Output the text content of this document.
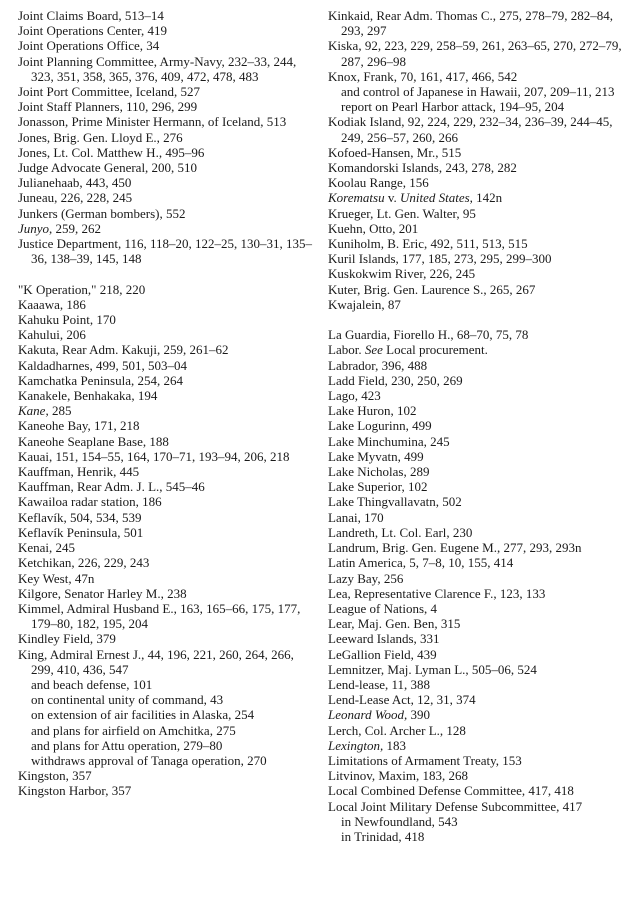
Joint Claims Board, 513–14
Joint Operations Center, 419
Joint Operations Office, 34
Joint Planning Committee, Army-Navy, 232–33, 244, 323, 351, 358, 365, 376, 409, 472, 478, 483
Joint Port Committee, Iceland, 527
Joint Staff Planners, 110, 296, 299
Jonasson, Prime Minister Hermann, of Iceland, 513
Jones, Brig. Gen. Lloyd E., 276
Jones, Lt. Col. Matthew H., 495–96
Judge Advocate General, 200, 510
Julianehaab, 443, 450
Juneau, 226, 228, 245
Junkers (German bombers), 552
Junyo, 259, 262
Justice Department, 116, 118–20, 122–25, 130–31, 135–36, 138–39, 145, 148
"K Operation," 218, 220
Kaaawa, 186
Kahuku Point, 170
Kahului, 206
Kakuta, Rear Adm. Kakuji, 259, 261–62
Kaldadharnes, 499, 501, 503–04
Kamchatka Peninsula, 254, 264
Kanakele, Benhakaka, 194
Kane, 285
Kaneohe Bay, 171, 218
Kaneohe Seaplane Base, 188
Kauai, 151, 154–55, 164, 170–71, 193–94, 206, 218
Kauffman, Henrik, 445
Kauffman, Rear Adm. J. L., 545–46
Kawailoa radar station, 186
Keflavík, 504, 534, 539
Keflavík Peninsula, 501
Kenai, 245
Ketchikan, 226, 229, 243
Key West, 47n
Kilgore, Senator Harley M., 238
Kimmel, Admiral Husband E., 163, 165–66, 175, 177, 179–80, 182, 195, 204
Kindley Field, 379
King, Admiral Ernest J., 44, 196, 221, 260, 264, 266, 299, 410, 436, 547
and beach defense, 101
on continental unity of command, 43
on extension of air facilities in Alaska, 254
and plans for airfield on Amchitka, 275
and plans for Attu operation, 279–80
withdraws approval of Tanaga operation, 270
Kingston, 357
Kingston Harbor, 357
Kinkaid, Rear Adm. Thomas C., 275, 278–79, 282–84, 293, 297
Kiska, 92, 223, 229, 258–59, 261, 263–65, 270, 272–79, 287, 296–98
Knox, Frank, 70, 161, 417, 466, 542
and control of Japanese in Hawaii, 207, 209–11, 213
report on Pearl Harbor attack, 194–95, 204
Kodiak Island, 92, 224, 229, 232–34, 236–39, 244–45, 249, 256–57, 260, 266
Kofoed-Hansen, Mr., 515
Komandorski Islands, 243, 278, 282
Koolau Range, 156
Korematsu v. United States, 142n
Krueger, Lt. Gen. Walter, 95
Kuehn, Otto, 201
Kuniholm, B. Eric, 492, 511, 513, 515
Kuril Islands, 177, 185, 273, 295, 299–300
Kuskokwim River, 226, 245
Kuter, Brig. Gen. Laurence S., 265, 267
Kwajalein, 87
La Guardia, Fiorello H., 68–70, 75, 78
Labor. See Local procurement.
Labrador, 396, 488
Ladd Field, 230, 250, 269
Lago, 423
Lake Huron, 102
Lake Logurinn, 499
Lake Minchumina, 245
Lake Myvatn, 499
Lake Nicholas, 289
Lake Superior, 102
Lake Thingvallavatn, 502
Lanai, 170
Landreth, Lt. Col. Earl, 230
Landrum, Brig. Gen. Eugene M., 277, 293, 293n
Latin America, 5, 7–8, 10, 155, 414
Lazy Bay, 256
Lea, Representative Clarence F., 123, 133
League of Nations, 4
Lear, Maj. Gen. Ben, 315
Leeward Islands, 331
LeGallion Field, 439
Lemnitzer, Maj. Lyman L., 505–06, 524
Lend-lease, 11, 388
Lend-Lease Act, 12, 31, 374
Leonard Wood, 390
Lerch, Col. Archer L., 128
Lexington, 183
Limitations of Armament Treaty, 153
Litvinov, Maxim, 183, 268
Local Combined Defense Committee, 417, 418
Local Joint Military Defense Subcommittee, 417
in Newfoundland, 543
in Trinidad, 418
